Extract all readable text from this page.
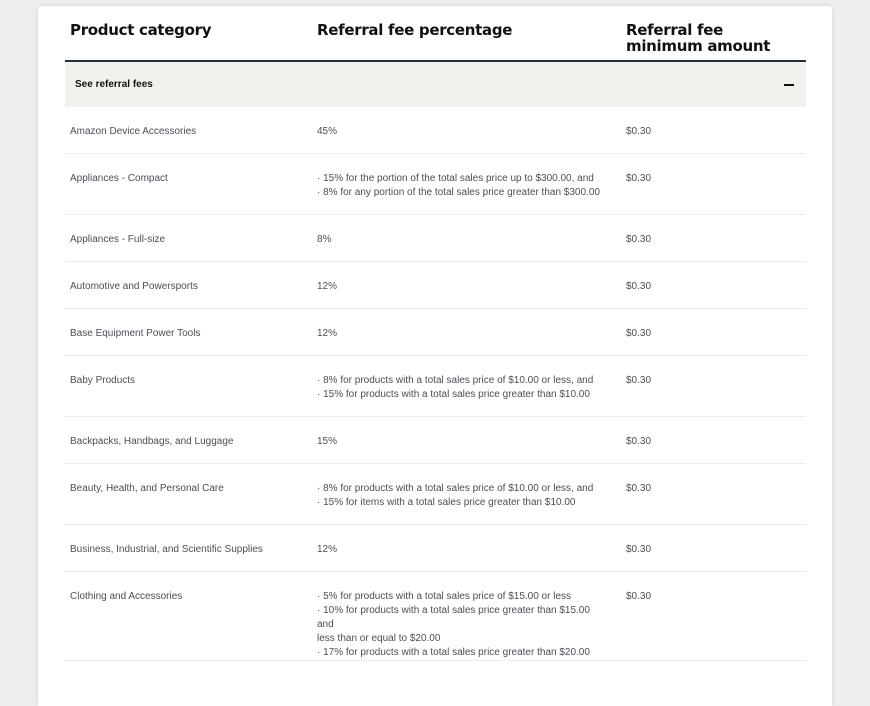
Product category	Referral fee percentage	Referral fee minimum amount
See referral fees
Amazon Device Accessories	45%	$0.30
Appliances - Compact	· 15% for the portion of the total sales price up to $300.00, and
· 8% for any portion of the total sales price greater than $300.00
$0.30
Appliances - Full-size	8%	$0.30
Automotive and Powersports	12%	$0.30
Base Equipment Power Tools	12%	$0.30
Baby Products	· 8% for products with a total sales price of $10.00 or less, and
· 15% for products with a total sales price greater than $10.00
$0.30
Backpacks, Handbags, and Luggage	15%	$0.30
Beauty, Health, and Personal Care	· 8% for products with a total sales price of $10.00 or less, and
· 15% for items with a total sales price greater than $10.00
$0.30
Business, Industrial, and Scientific Supplies	12%	$0.30
Clothing and Accessories	· 5% for products with a total sales price of $15.00 or less
· 10% for products with a total sales price greater than $15.00 and
less than or equal to $20.00
· 17% for products with a total sales price greater than $20.00
$0.30
